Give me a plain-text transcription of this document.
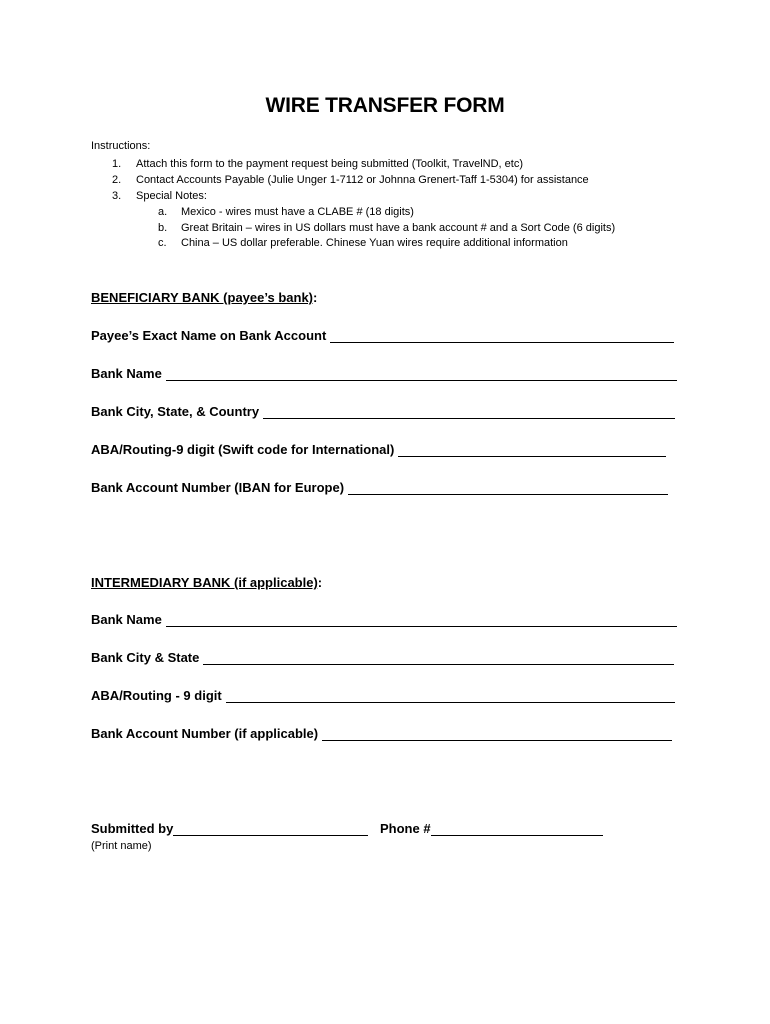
WIRE TRANSFER FORM
Instructions:
1. Attach this form to the payment request being submitted (Toolkit, TravelND, etc)
2. Contact Accounts Payable (Julie Unger 1-7112 or Johnna Grenert-Taff 1-5304) for assistance
3. Special Notes:
a. Mexico - wires must have a CLABE # (18 digits)
b. Great Britain – wires in US dollars must have a bank account # and a Sort Code (6 digits)
c. China – US dollar preferable. Chinese Yuan wires require additional information
BENEFICIARY BANK (payee’s bank):
Payee’s Exact Name on Bank Account
Bank Name
Bank City, State, & Country
ABA/Routing-9 digit (Swift code for International)
Bank Account Number (IBAN for Europe)
INTERMEDIARY BANK (if applicable):
Bank Name
Bank City & State
ABA/Routing - 9 digit
Bank Account Number (if applicable)
Submitted by	Phone #
(Print name)
